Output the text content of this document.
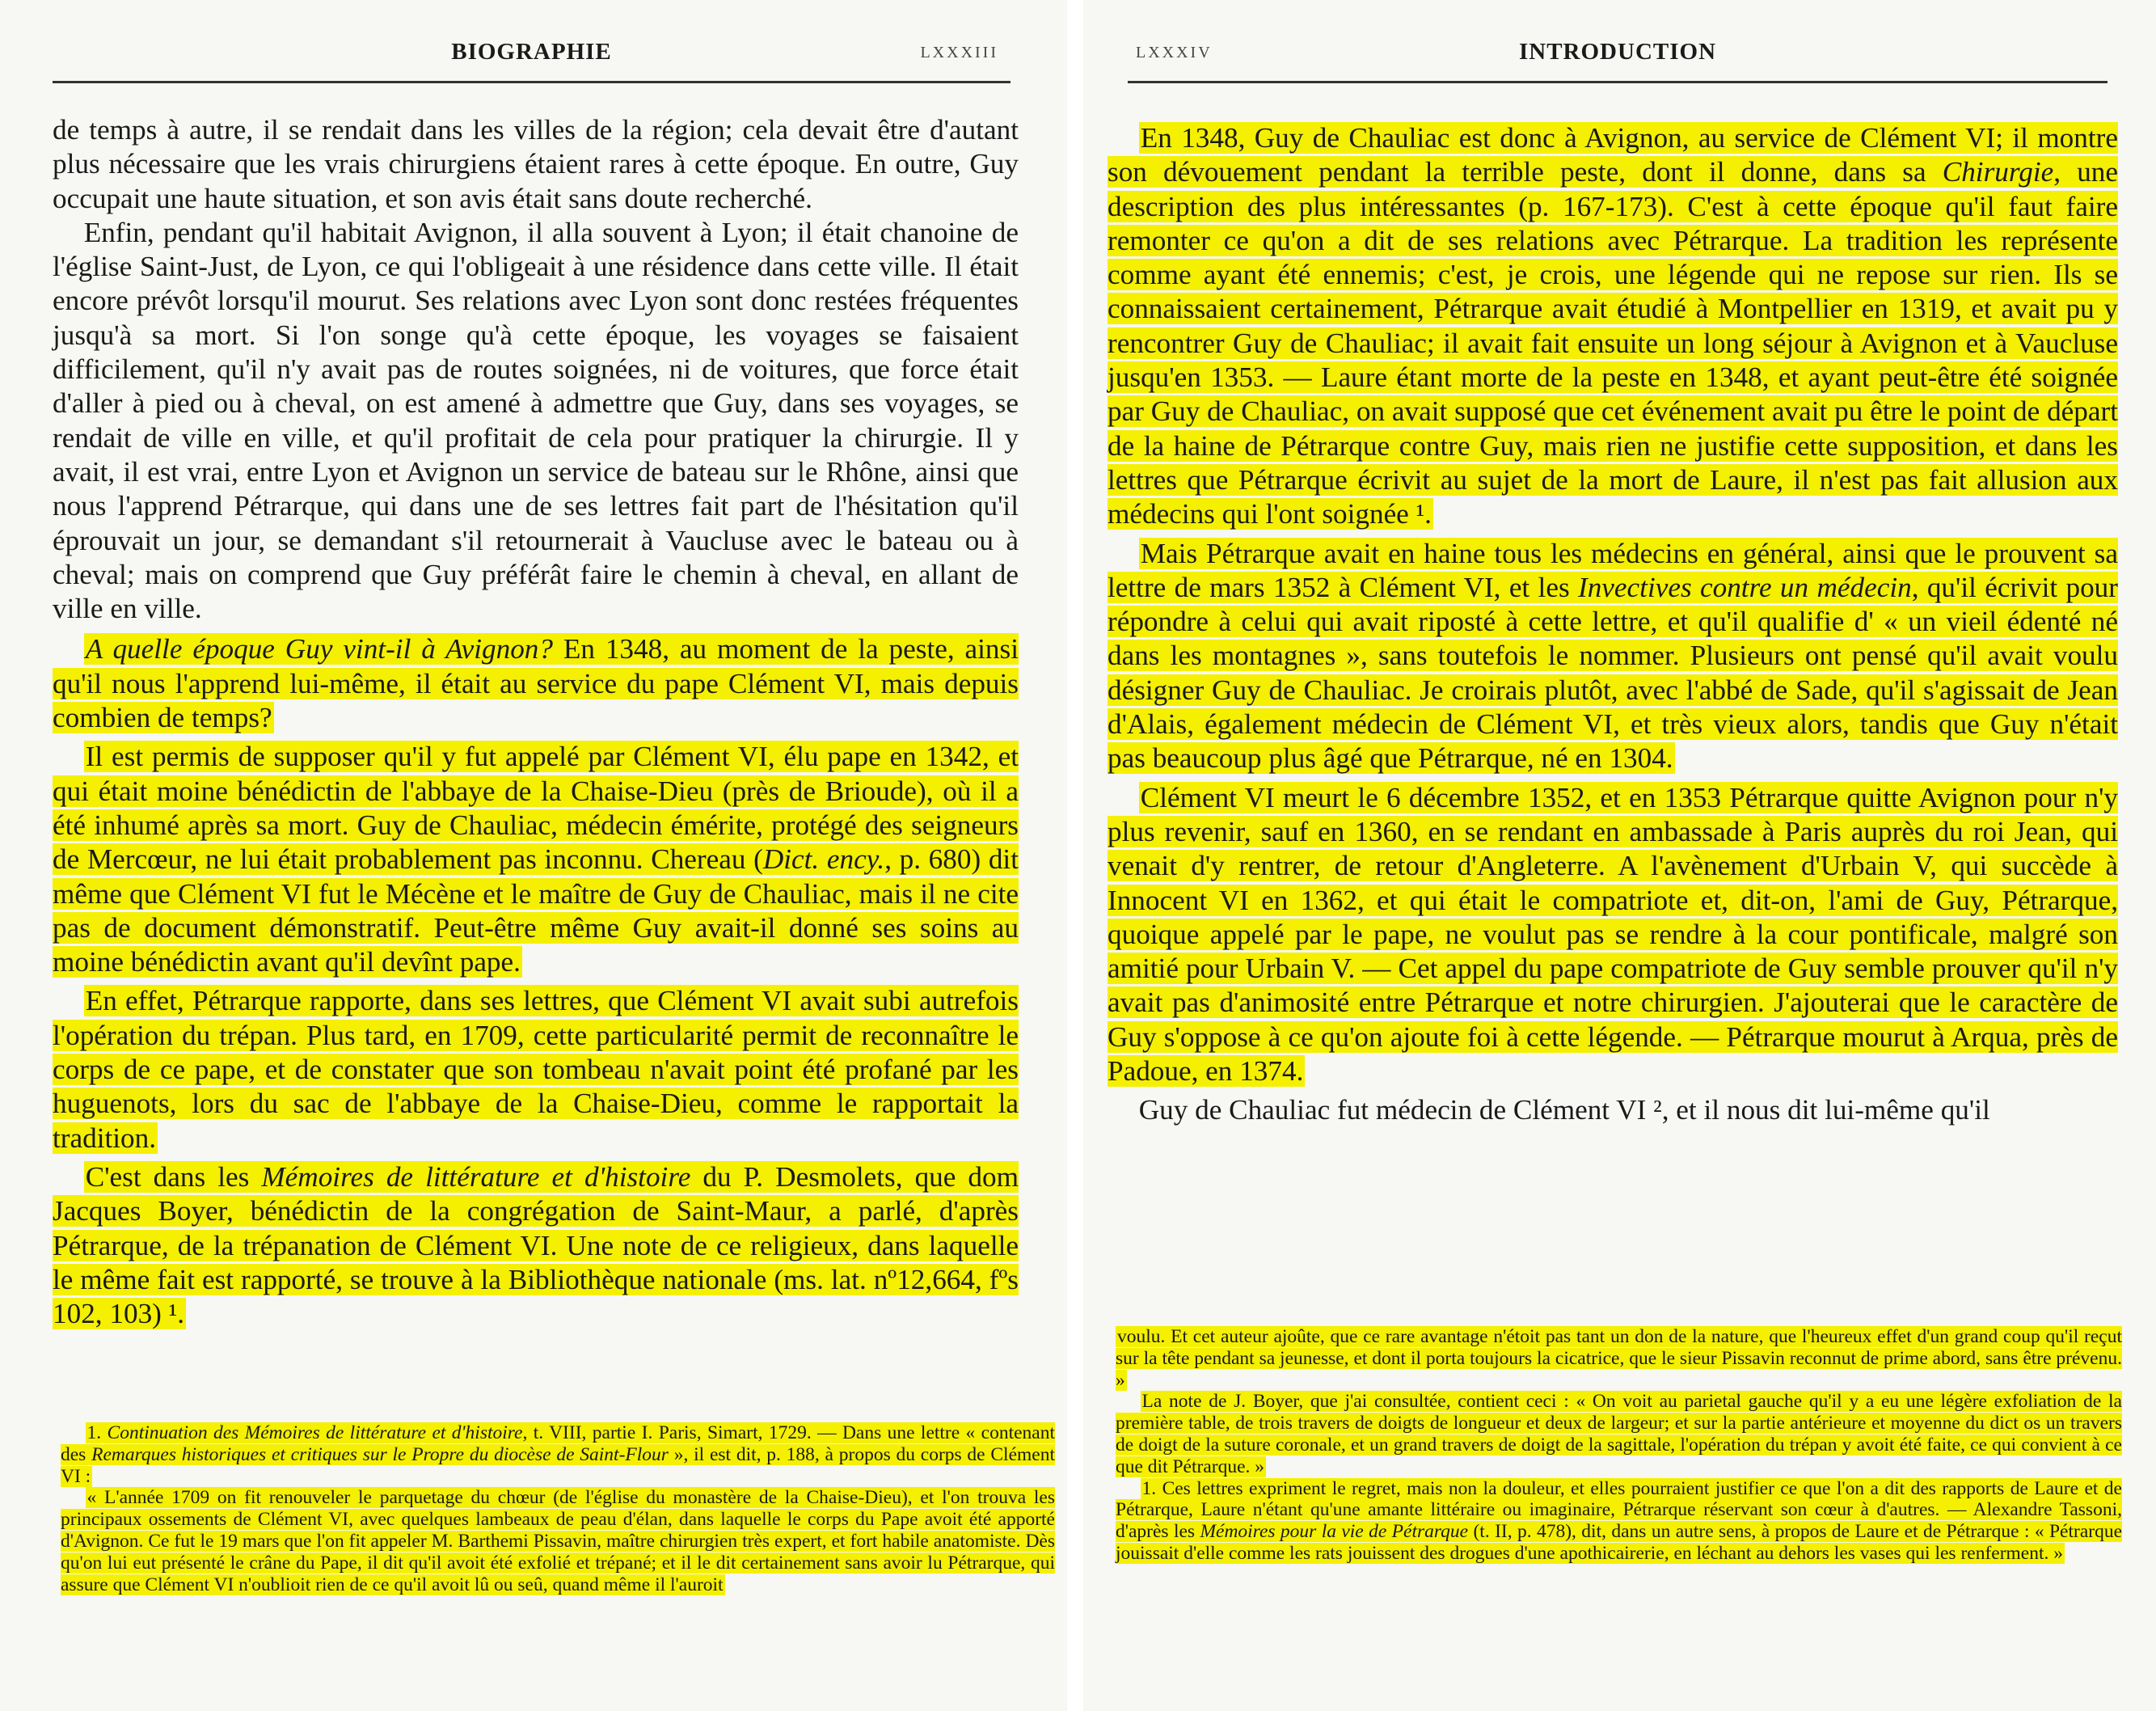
BIOGRAPHIE	LXXXIII

de temps à autre, il se rendait dans les villes de la région; cela devait être d'autant plus nécessaire que les vrais chirurgiens étaient rares à cette époque. En outre, Guy occupait une haute situation, et son avis était sans doute recherché.

Enfin, pendant qu'il habitait Avignon, il alla souvent à Lyon; il était chanoine de l'église Saint-Just, de Lyon, ce qui l'obligeait à une résidence dans cette ville. Il était encore prévôt lorsqu'il mourut. Ses relations avec Lyon sont donc restées fréquentes jusqu'à sa mort. Si l'on songe qu'à cette époque, les voyages se faisaient difficilement, qu'il n'y avait pas de routes soignées, ni de voitures, que force était d'aller à pied ou à cheval, on est amené à admettre que Guy, dans ses voyages, se rendait de ville en ville, et qu'il profitait de cela pour pratiquer la chirurgie. Il y avait, il est vrai, entre Lyon et Avignon un service de bateau sur le Rhône, ainsi que nous l'apprend Pétrarque, qui dans une de ses lettres fait part de l'hésitation qu'il éprouvait un jour, se demandant s'il retournerait à Vaucluse avec le bateau ou à cheval; mais on comprend que Guy préférât faire le chemin à cheval, en allant de ville en ville.

A quelle époque Guy vint-il à Avignon? En 1348, au moment de la peste, ainsi qu'il nous l'apprend lui-même, il était au service du pape Clément VI, mais depuis combien de temps?

Il est permis de supposer qu'il y fut appelé par Clément VI, élu pape en 1342, et qui était moine bénédictin de l'abbaye de la Chaise-Dieu (près de Brioude), où il a été inhumé après sa mort. Guy de Chauliac, médecin émérite, protégé des seigneurs de Mercœur, ne lui était probablement pas inconnu. Chereau (Dict. ency., p. 680) dit même que Clément VI fut le Mécène et le maître de Guy de Chauliac, mais il ne cite pas de document démonstratif. Peut-être même Guy avait-il donné ses soins au moine bénédictin avant qu'il devînt pape.

En effet, Pétrarque rapporte, dans ses lettres, que Clément VI avait subi autrefois l'opération du trépan. Plus tard, en 1709, cette particularité permit de reconnaître le corps de ce pape, et de constater que son tombeau n'avait point été profané par les huguenots, lors du sac de l'abbaye de la Chaise-Dieu, comme le rapportait la tradition.

C'est dans les Mémoires de littérature et d'histoire du P. Desmolets, que dom Jacques Boyer, bénédictin de la congrégation de Saint-Maur, a parlé, d'après Pétrarque, de la trépanation de Clément VI. Une note de ce religieux, dans laquelle le même fait est rapporté, se trouve à la Bibliothèque nationale (ms. lat. nº12,664, fºs 102, 103) ¹.

1. Continuation des Mémoires de littérature et d'histoire, t. VIII, partie I. Paris, Simart, 1729. — Dans une lettre « contenant des Remarques historiques et critiques sur le Propre du diocèse de Saint-Flour », il est dit, p. 188, à propos du corps de Clément VI :

« L'année 1709 on fit renouveler le parquetage du chœur (de l'église du monastère de la Chaise-Dieu), et l'on trouva les principaux ossements de Clément VI, avec quelques lambeaux de peau d'élan, dans laquelle le corps du Pape avoit été apporté d'Avignon. Ce fut le 19 mars que l'on fit appeler M. Barthemi Pissavin, maître chirurgien très expert, et fort habile anatomiste. Dès qu'on lui eut présenté le crâne du Pape, il dit qu'il avoit été exfolié et trépané; et il le dit certainement sans avoir lu Pétrarque, qui assure que Clément VI n'oublioit rien de ce qu'il avoit lû ou seû, quand même il l'auroit

INTRODUCTION
LXXXIV

En 1348, Guy de Chauliac est donc à Avignon, au service de Clément VI; il montre son dévouement pendant la terrible peste, dont il donne, dans sa Chirurgie, une description des plus intéressantes (p. 167-173). C'est à cette époque qu'il faut faire remonter ce qu'on a dit de ses relations avec Pétrarque. La tradition les représente comme ayant été ennemis; c'est, je crois, une légende qui ne repose sur rien. Ils se connaissaient certainement, Pétrarque avait étudié à Montpellier en 1319, et avait pu y rencontrer Guy de Chauliac; il avait fait ensuite un long séjour à Avignon et à Vaucluse jusqu'en 1353. — Laure étant morte de la peste en 1348, et ayant peut-être été soignée par Guy de Chauliac, on avait supposé que cet événement avait pu être le point de départ de la haine de Pétrarque contre Guy, mais rien ne justifie cette supposition, et dans les lettres que Pétrarque écrivit au sujet de la mort de Laure, il n'est pas fait allusion aux médecins qui l'ont soignée ¹.

Mais Pétrarque avait en haine tous les médecins en général, ainsi que le prouvent sa lettre de mars 1352 à Clément VI, et les Invectives contre un médecin, qu'il écrivit pour répondre à celui qui avait riposté à cette lettre, et qu'il qualifie d' « un vieil édenté né dans les montagnes », sans toutefois le nommer. Plusieurs ont pensé qu'il avait voulu désigner Guy de Chauliac. Je croirais plutôt, avec l'abbé de Sade, qu'il s'agissait de Jean d'Alais, également médecin de Clément VI, et très vieux alors, tandis que Guy n'était pas beaucoup plus âgé que Pétrarque, né en 1304.

Clément VI meurt le 6 décembre 1352, et en 1353 Pétrarque quitte Avignon pour n'y plus revenir, sauf en 1360, en se rendant en ambassade à Paris auprès du roi Jean, qui venait d'y rentrer, de retour d'Angleterre. A l'avènement d'Urbain V, qui succède à Innocent VI en 1362, et qui était le compatriote et, dit-on, l'ami de Guy, Pétrarque, quoique appelé par le pape, ne voulut pas se rendre à la cour pontificale, malgré son amitié pour Urbain V. — Cet appel du pape compatriote de Guy semble prouver qu'il n'y avait pas d'animosité entre Pétrarque et notre chirurgien. J'ajouterai que le caractère de Guy s'oppose à ce qu'on ajoute foi à cette légende. — Pétrarque mourut à Arqua, près de Padoue, en 1374.

Guy de Chauliac fut médecin de Clément VI ², et il nous dit lui-même qu'il

voulu. Et cet auteur ajoûte, que ce rare avantage n'étoit pas tant un don de la nature, que l'heureux effet d'un grand coup qu'il reçut sur la tête pendant sa jeunesse, et dont il porta toujours la cicatrice, que le sieur Pissavin reconnut de prime abord, sans être prévenu. »

La note de J. Boyer, que j'ai consultée, contient ceci : « On voit au parietal gauche qu'il y a eu une légère exfoliation de la première table, de trois travers de doigts de longueur et deux de largeur; et sur la partie antérieure et moyenne du dict os un travers de doigt de la suture coronale, et un grand travers de doigt de la sagittale, l'opération du trépan y avoit été faite, ce qui convient à ce que dit Pétrarque. »

1. Ces lettres expriment le regret, mais non la douleur, et elles pourraient justifier ce que l'on a dit des rapports de Laure et de Pétrarque, Laure n'étant qu'une amante littéraire ou imaginaire, Pétrarque réservant son cœur à d'autres. — Alexandre Tassoni, d'après les Mémoires pour la vie de Pétrarque (t. II, p. 478), dit, dans un autre sens, à propos de Laure et de Pétrarque : « Pétrarque jouissait d'elle comme les rats jouissent des drogues d'une apothicairerie, en léchant au dehors les vases qui les renferment. »
